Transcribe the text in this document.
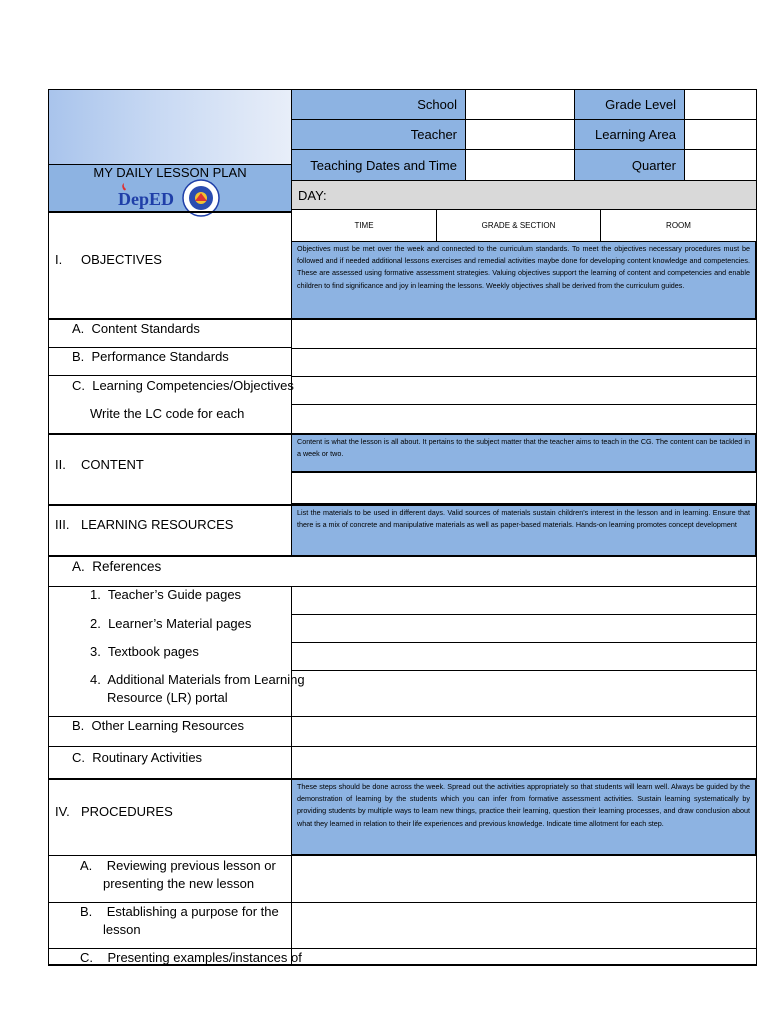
MY DAILY LESSON PLAN
DepED
School	Grade Level
Teacher	Learning Area
Teaching Dates and Time	Quarter
DAY:
TIME	GRADE & SECTION	ROOM
I.	OBJECTIVES
Objectives must be met over the week and connected to the curriculum standards. To meet the objectives necessary procedures must be followed and if needed additional lessons exercises and remedial activities maybe done for developing content knowledge and competencies. These are assessed using formative assessment strategies. Valuing objectives support the learning of content and competencies and enable children to find significance and joy in learning the lessons. Weekly objectives shall be derived from the curriculum guides.
A.  Content Standards
B.  Performance Standards
C.  Learning Competencies/Objectives
Write the LC code for each
II.	CONTENT
Content is what the lesson is all about. It pertains to the subject matter that the teacher aims to teach in the CG. The content can be tackled in a week or two.
III. LEARNING RESOURCES
List the materials to be used in different days. Valid sources of materials sustain children's interest in the lesson and in learning. Ensure that there is a mix of concrete and manipulative materials as well as paper-based materials. Hands-on learning promotes concept development
A.  References
1.  Teacher’s Guide pages
2.  Learner’s Material pages
3.  Textbook pages
4.  Additional Materials from Learning
Resource (LR) portal
B.  Other Learning Resources
C.  Routinary Activities
IV. PROCEDURES
These steps should be done across the week. Spread out the activities appropriately so that students will learn well. Always be guided by the demonstration of learning by the students which you can infer from formative assessment activities. Sustain learning systematically by providing students by multiple ways to learn new things, practice their learning, question their learning processes, and draw conclusion about what they learned in relation to their life experiences and previous knowledge. Indicate time allotment for each step.
A.    Reviewing previous lesson or
presenting the new lesson
B.    Establishing a purpose for the
lesson
C.    Presenting examples/instances of
